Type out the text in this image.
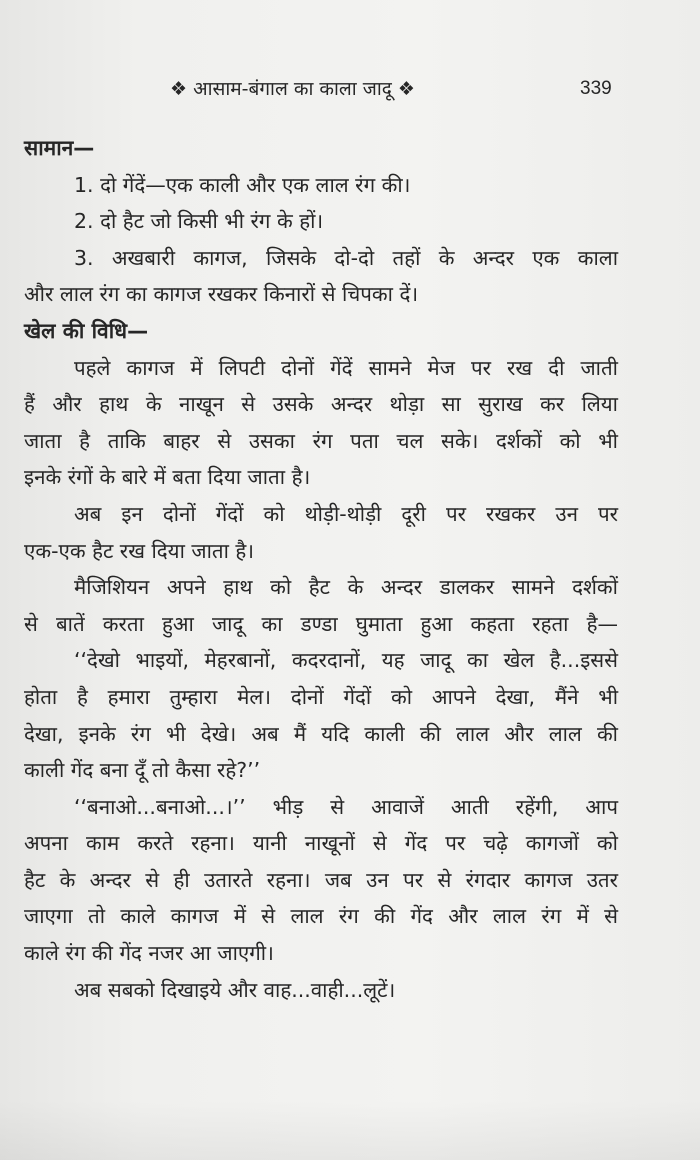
❖ आसाम-बंगाल का काला जादू ❖	339
सामान—
1. दो गेंदें—एक काली और एक लाल रंग की।
2. दो हैट जो किसी भी रंग के हों।
3. अखबारी कागज, जिसके दो-दो तहों के अन्दर एक काला
और लाल रंग का कागज रखकर किनारों से चिपका दें।
खेल की विधि—
पहले कागज में लिपटी दोनों गेंदें सामने मेज पर रख दी जाती
हैं और हाथ के नाखून से उसके अन्दर थोड़ा सा सुराख कर लिया
जाता है ताकि बाहर से उसका रंग पता चल सके। दर्शकों को भी
इनके रंगों के बारे में बता दिया जाता है।
अब इन दोनों गेंदों को थोड़ी-थोड़ी दूरी पर रखकर उन पर
एक-एक हैट रख दिया जाता है।
मैजिशियन अपने हाथ को हैट के अन्दर डालकर सामने दर्शकों
से बातें करता हुआ जादू का डण्डा घुमाता हुआ कहता रहता है—
‘‘देखो भाइयों, मेहरबानों, कदरदानों, यह जादू का खेल है...इससे
होता है हमारा तुम्हारा मेल। दोनों गेंदों को आपने देखा, मैंने भी
देखा, इनके रंग भी देखे। अब मैं यदि काली की लाल और लाल की
काली गेंद बना दूँ तो कैसा रहे?’’
‘‘बनाओ...बनाओ...।’’ भीड़ से आवाजें आती रहेंगी, आप
अपना काम करते रहना। यानी नाखूनों से गेंद पर चढ़े कागजों को
हैट के अन्दर से ही उतारते रहना। जब उन पर से रंगदार कागज उतर
जाएगा तो काले कागज में से लाल रंग की गेंद और लाल रंग में से
काले रंग की गेंद नजर आ जाएगी।
अब सबको दिखाइये और वाह...वाही...लूटें।
